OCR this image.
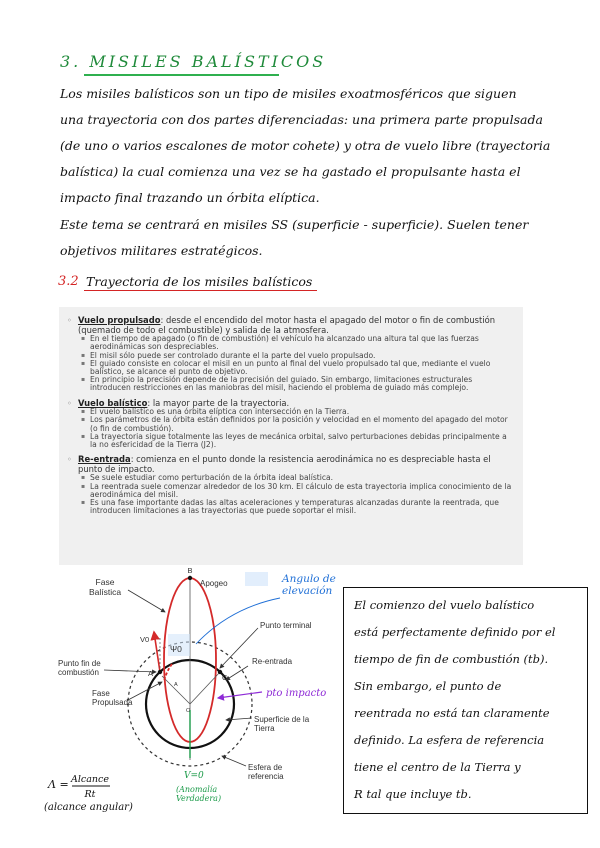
3. MISILES BALÍSTICOS
Los misiles balísticos son un tipo de misiles exoatmosféricos que siguen
una trayectoria con dos partes diferenciadas: una primera parte propulsada
(de uno o varios escalones de motor cohete) y otra de vuelo libre (trayectoria
balística) la cual comienza una vez se ha gastado el propulsante hasta el
impacto final trazando un órbita elíptica.
Este tema se centrará en misiles SS (superficie - superficie). Suelen tener
objetivos militares estratégicos.
3.2 Trayectoria de los misiles balísticos
◦ Vuelo propulsado: desde el encendido del motor hasta el apagado del motor o fin de combustión (quemado de todo el combustible) y salida de la atmosfera.
▪ En el tiempo de apagado (o fin de combustión) el vehículo ha alcanzado una altura tal que las fuerzas aerodinámicas son despreciables.
▪ El misil sólo puede ser controlado durante el la parte del vuelo propulsado.
▪ El guiado consiste en colocar el misil en un punto al final del vuelo propulsado tal que, mediante el vuelo balístico, se alcance el punto de objetivo.
▪ En principio la precisión depende de la precisión del guiado. Sin embargo, limitaciones estructurales introducen restricciones en las maniobras del misil, haciendo el problema de guiado más complejo.
◦ Vuelo balístico: la mayor parte de la trayectoria.
▪ El vuelo balístico es una órbita elíptica con intersección en la Tierra.
▪ Los parámetros de la órbita están definidos por la posición y velocidad en el momento del apagado del motor (o fin de combustión).
▪ La trayectoria sigue totalmente las leyes de mecánica orbital, salvo perturbaciones debidas principalmente a la no esfericidad de la Tierra (J2).
◦ Re-entrada: comienza en el punto donde la resistencia aerodinámica no es despreciable hasta el punto de impacto.
▪ Se suele estudiar como perturbación de la órbita ideal balística.
▪ La reentrada suele comenzar alrededor de los 30 km. El cálculo de esta trayectoria implica conocimiento de la aerodinámica del misil.
▪ Es una fase importante dadas las altas aceleraciones y temperaturas alcanzadas durante la reentrada, que introducen limitaciones a las trayectorias que puede soportar el misil.
Fase Balística
B
Apogeo
V0
Ψ0
Punto terminal
Punto fin de combustión	A'	C
Re-entrada
Fase Propulsada
Superficie de la Tierra
Esfera de referencia
A
O
Angulo de elevación
pto impacto
V=0
(Anomalía Verdadera)
Λ = Alcance
Rt
(alcance angular)
El comienzo del vuelo balístico
está perfectamente definido por el
tiempo de fin de combustión (tb).
Sin embargo, el punto de
reentrada no está tan claramente
definido. La esfera de referencia
tiene el centro de la Tierra y
R tal que incluye tb.
